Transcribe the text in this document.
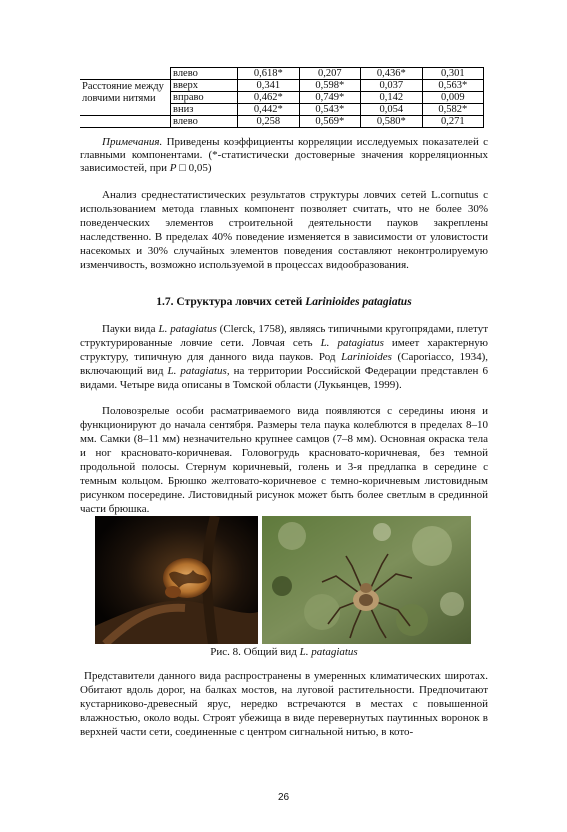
	влево	0,618*	0,207	0,436*	0,301
Расстояние между ловчими нитями	вверх	0,341	0,598*	0,037	0,563*
	вправо	0,462*	0,749*	0,142	0,009
	вниз	0,442*	0,543*	0,054	0,582*
	влево	0,258	0,569*	0,580*	0,271

Примечания. Приведены коэффициенты корреляции исследуемых показателей с главными компонентами. (*-статистически достоверные значения корреляционных зависимостей, при P □ 0,05)

Анализ среднестатистических результатов структуры ловчих сетей L.cornutus с использованием метода главных компонент позволяет считать, что не более 30% поведенческих элементов строительной деятельности пауков закреплены наследственно. В пределах 40% поведение изменяется в зависимости от уловистости насекомых и 30% случайных элементов поведения составляют неконтролируемую изменчивость, возможно используемой в процессах видообразования.

1.7. Структура ловчих сетей Larinioides patagiatus

Пауки вида L. patagiatus (Clerck, 1758), являясь типичными кругопрядами, плетут структурированные ловчие сети. Ловчая сеть L. patagiatus имеет характерную структуру, типичную для данного вида пауков. Род Larinioides (Caporiacco, 1934), включающий вид L. patagiatus, на территории Российской Федерации представлен 6 видами. Четыре вида описаны в Томской области (Лукьянцев, 1999).

Половозрелые особи расматриваемого вида появляются с середины июня и функционируют до начала сентября. Размеры тела паука колеблются в пределах 8–10 мм. Самки (8–11 мм) незначительно крупнее самцов (7–8 мм). Основная окраска тела и ног красновато-коричневая. Головогрудь красновато-коричневая, без темной продольной полосы. Стернум коричневый, голень и 3-я предлапка в середине с темным кольцом. Брюшко желтовато-коричневое с темно-коричневым листовидным рисунком посередине. Листовидный рисунок может быть более светлым в срединной части брюшка.

Рис. 8. Общий вид L. patagiatus

Представители данного вида распространены в умеренных климатических широтах. Обитают вдоль дорог, на балках мостов, на луговой растительности. Предпочитают кустарниково-древесный ярус, нередко встречаются в местах с повышенной влажностью, около воды. Строят убежища в виде перевернутых паутинных воронок в верхней части сети, соединенные с центром сигнальной нитью, в кото-

26
